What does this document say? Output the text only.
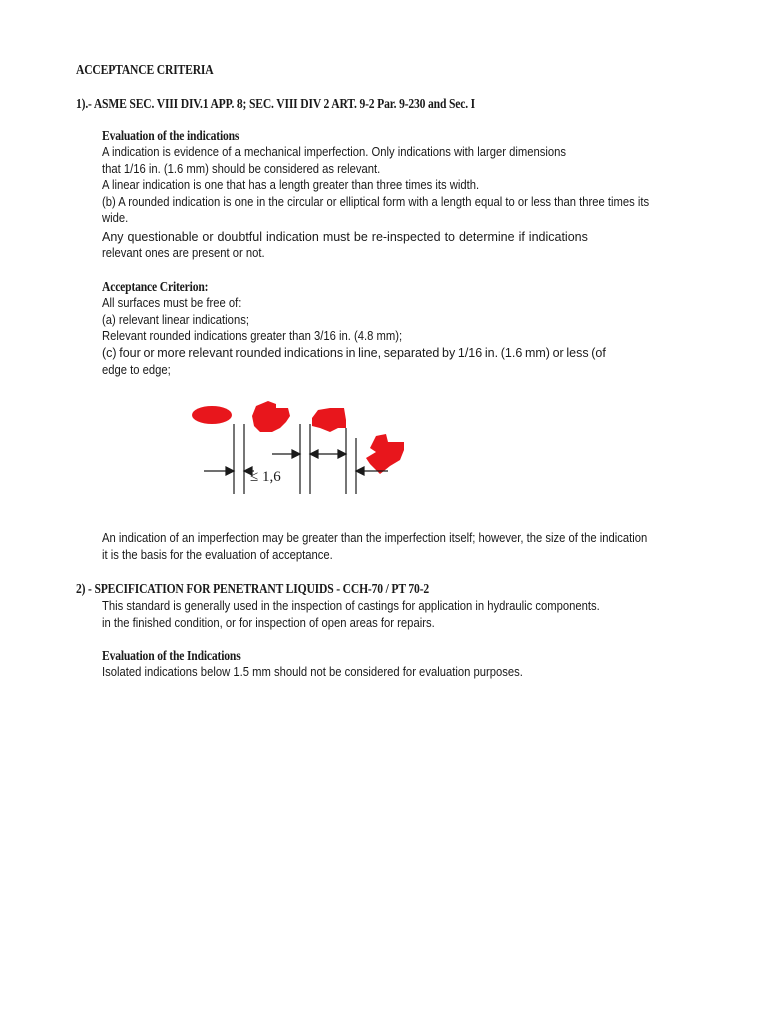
ACCEPTANCE CRITERIA
1).- ASME SEC. VIII DIV.1 APP. 8; SEC. VIII DIV 2 ART. 9-2 Par. 9-230 and Sec. I
Evaluation of the indications
A indication is evidence of a mechanical imperfection. Only indications with larger dimensions
that 1/16 in. (1.6 mm) should be considered as relevant.
A linear indication is one that has a length greater than three times its width.
(b) A rounded indication is one in the circular or elliptical form with a length equal to or less than three times its
wide.
Any questionable or doubtful indication must be re-inspected to determine if indications
relevant ones are present or not.
Acceptance Criterion:
All surfaces must be free of:
(a) relevant linear indications;
Relevant rounded indications greater than 3/16 in. (4.8 mm);
(c) four or more relevant rounded indications in line, separated by 1/16 in. (1.6 mm) or less (of
edge to edge;
≤ 1,6
An indication of an imperfection may be greater than the imperfection itself; however, the size of the indication
it is the basis for the evaluation of acceptance.
2) - SPECIFICATION FOR PENETRANT LIQUIDS - CCH-70 / PT 70-2
This standard is generally used in the inspection of castings for application in hydraulic components.
in the finished condition, or for inspection of open areas for repairs.
Evaluation of the Indications
Isolated indications below 1.5 mm should not be considered for evaluation purposes.
